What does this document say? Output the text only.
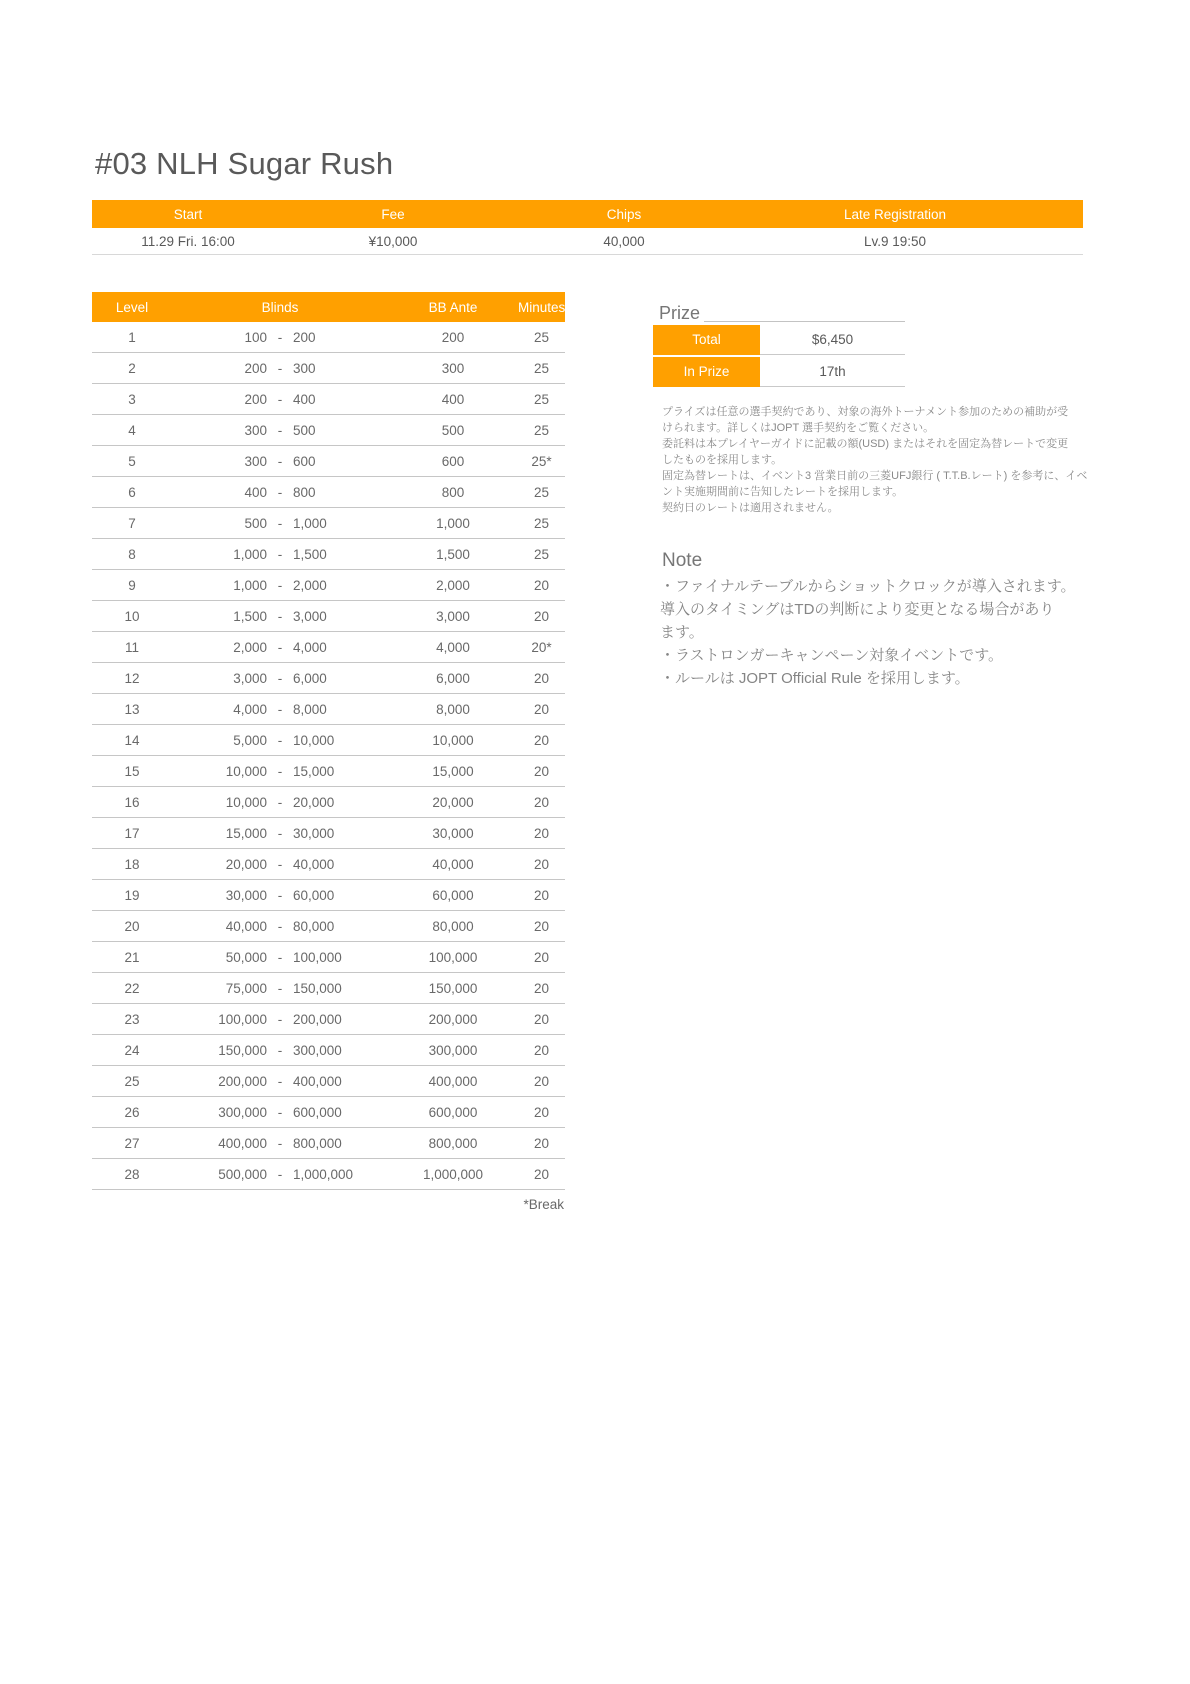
#03 NLH Sugar Rush
Start	Fee	Chips	Late Registration
11.29 Fri. 16:00	¥10,000	40,000	Lv.9 19:50
Level	Blinds	BB Ante	Minutes
1	100 - 200	200	25
2	200 - 300	300	25
3	200 - 400	400	25
4	300 - 500	500	25
5	300 - 600	600	25*
6	400 - 800	800	25
7	500 - 1,000	1,000	25
8	1,000 - 1,500	1,500	25
9	1,000 - 2,000	2,000	20
10	1,500 - 3,000	3,000	20
11	2,000 - 4,000	4,000	20*
12	3,000 - 6,000	6,000	20
13	4,000 - 8,000	8,000	20
14	5,000 - 10,000	10,000	20
15	10,000 - 15,000	15,000	20
16	10,000 - 20,000	20,000	20
17	15,000 - 30,000	30,000	20
18	20,000 - 40,000	40,000	20
19	30,000 - 60,000	60,000	20
20	40,000 - 80,000	80,000	20
21	50,000 - 100,000	100,000	20
22	75,000 - 150,000	150,000	20
23	100,000 - 200,000	200,000	20
24	150,000 - 300,000	300,000	20
25	200,000 - 400,000	400,000	20
26	300,000 - 600,000	600,000	20
27	400,000 - 800,000	800,000	20
28	500,000 - 1,000,000	1,000,000	20
*Break
Prize
Total	$6,450
In Prize	17th
プライズは任意の選手契約であり、対象の海外トーナメント参加のための補助が受
けられます。詳しくはJOPT 選手契約をご覧ください。
委託料は本プレイヤーガイドに記載の額(USD) またはそれを固定為替レートで変更
したものを採用します。
固定為替レートは、イベント3 営業日前の三菱UFJ銀行 ( T.T.B.レート) を参考に、イベ
ント実施期間前に告知したレートを採用します。
契約日のレートは適用されません。
Note
・ファイナルテーブルからショットクロックが導入されます。
導入のタイミングはTDの判断により変更となる場合があり
ます。
・ラストロンガーキャンペーン対象イベントです。
・ルールは JOPT Official Rule を採用します。
